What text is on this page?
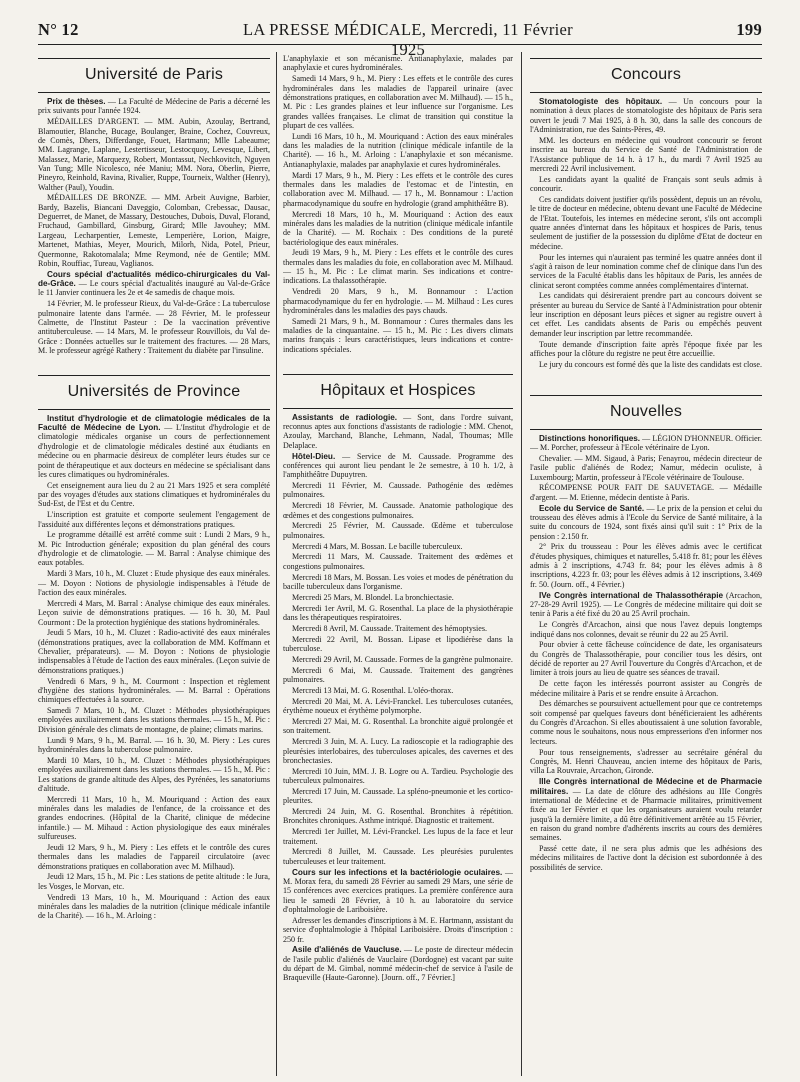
N° 12	LA PRESSE MÉDICALE, Mercredi, 11 Février 1925
199
Université de Paris

Prix de thèses. — La Faculté de Médecine de Paris a décerné les prix suivants pour l'année 1924.

MÉDAILLES D'ARGENT. — MM. Aubin, Azoulay, Bertrand, Blamoutier, Blanche, Bucage, Boulanger, Braine, Cochez, Couvreux, de Comès, Dhers, Differdange, Fouet, Hartmann; Mlle Labeaume; MM. Lagrange, Laplane, Lestertisseur, Lestocquoy, Levesque, Libert, Malassez, Marie, Marquezy, Robert, Montassut, Nechkovitch, Nguyen Van Tung; Mlle Nicolesco, née Maniu; MM. Nora, Oberlin, Pierre, Pineyro, Reinhold, Ravina, Rivalier, Ruppe, Tourneix, Walther (Henry), Walther (Paul), Youdin.

MÉDAILLES DE BRONZE. — MM. Arbeit Auvigne, Barbier, Bardy, Bazelis, Biancani Daveggio, Colomban, Crebessac, Dausac, Deguerret, de Manet, de Massary, Destouches, Dubois, Duval, Florand, Fruchaud, Gambillard, Ginsburg, Girard; Mlle Javouhey; MM. Largeau, Lecharpentier, Lemeste, Lemperière, Lorion, Maigre, Martenet, Mathias, Meyer, Mourich, Milorh, Nida, Potel, Prieur, Quermonne, Rakotomalala; Mme Reymond, née de Gentile; MM. Robin, Rouffiac, Tureau, Vaglianos.

Cours spécial d'actualités médico-chirurgicales du Val-de-Grâce. — Le cours spécial d'actualités inauguré au Val-de-Grâce le 11 Janvier continuera les 2e et 4e samedis de chaque mois.

14 Février, M. le professeur Rieux, du Val-de-Grâce : La tuberculose pulmonaire latente dans l'armée. — 28 Février, M. le professeur Calmette, de l'Institut Pasteur : De la vaccination préventive antituberculeuse. — 14 Mars, M. le professeur Rouvillois, du Val de-Grâce : Données actuelles sur le traitement des fractures. — 28 Mars, M. le professeur agrégé Rathery : Traitement du diabète par l'insuline.

Universités de Province

Institut d'hydrologie et de climatologie médicales de la Faculté de Médecine de Lyon. — L'Institut d'hydrologie et de climatologie médicales organise un cours de perfectionnement d'hydrologie et de climatologie médicales destiné aux étudiants en médecine ou en pharmacie désireux de compléter leurs études sur ce point de thérapeutique et aux docteurs en médecine se spécialisant dans les cures climatiques ou hydrominérales.

Cet enseignement aura lieu du 2 au 21 Mars 1925 et sera complété par des voyages d'études aux stations climatiques et hydrominérales du Sud-Est, de l'Est et du Centre.

L'inscription est gratuite et comporte seulement l'engagement de l'assiduité aux différentes leçons et démonstrations pratiques.

Le programme détaillé est arrêté comme suit : Lundi 2 Mars, 9 h., M. Pic Introduction générale; exposition du plan général des cours d'hydrologie et de climatologie. — M. Barral : Analyse chimique des eaux potables.

Mardi 3 Mars, 10 h., M. Cluzet : Etude physique des eaux minérales. — M. Doyon : Notions de physiologie indispensables à l'étude de l'action des eaux minérales.

Mercredi 4 Mars, M. Barral : Analyse chimique des eaux minérales. Leçon suivie de démonstrations pratiques. — 16 h. 30, M. Paul Courmont : De la protection hygiénique des stations hydrominérales.

Jeudi 5 Mars, 10 h., M. Cluzet : Radio-activité des eaux minérales (démonstrations pratiques, avec la collaboration de MM. Koffmann et Chevalier, préparateurs). — M. Doyon : Notions de physiologie indispensables à l'étude de l'action des eaux minérales. (Leçon suivie de démonstrations pratiques.)

Vendredi 6 Mars, 9 h., M. Courmont : Inspection et règlement d'hygiène des stations hydrominérales. — M. Barral : Opérations chimiques effectuées à la source.

Samedi 7 Mars, 10 h., M. Cluzet : Méthodes physiothérapiques employées auxiliairement dans les stations thermales. — 15 h., M. Pic : Division générale des climats de montagne, de plaine; climats marins.

Lundi 9 Mars, 9 h., M. Barral. — 16 h. 30, M. Piery : Les cures hydrominérales dans la tuberculose pulmonaire.

Mardi 10 Mars, 10 h., M. Cluzet : Méthodes physiothérapiques employées auxiliairement dans les stations thermales. — 15 h., M. Pic : Les stations de grande altitude des Alpes, des Pyrénées, les sanatoriums d'altitude.

Mercredi 11 Mars, 10 h., M. Mouriquand : Action des eaux minérales dans les maladies de l'enfance, de la croissance et des grandes endocrines. (Hôpital de la Charité, clinique de médecine infantile.) — M. Mihaud : Action physiologique des eaux minérales sulfureuses.

Jeudi 12 Mars, 9 h., M. Piery : Les effets et le contrôle des cures thermales dans les maladies de l'appareil circulatoire (avec démonstrations pratiques en collaboration avec M. Milhaud).

Jeudi 12 Mars, 15 h., M. Pic : Les stations de petite altitude : le Jura, les Vosges, le Morvan, etc.

Vendredi 13 Mars, 10 h., M. Mouriquand : Action des eaux minérales dans les maladies de la nutrition (clinique médicale infantile de la Charité). — 16 h., M. Arloing :

L'anaphylaxie et son mécanisme. Antianaphylaxie, malades par anaphylaxie et cures hydrominérales.

Samedi 14 Mars, 9 h., M. Piery : Les effets et le contrôle des cures hydrominérales dans les maladies de l'appareil urinaire (avec démonstrations pratiques, en collaboration avec M. Milhaud). — 15 h., M. Pic : Les grandes plaines et leur influence sur l'organisme. Les grandes vallées françaises. Le climat de transition qui constitue la plupart de ces vallées.

Lundi 16 Mars, 10 h., M. Mouriquand : Action des eaux minérales dans les maladies de la nutrition (clinique médicale infantile de la Charité). — 16 h., M. Arloing : L'anaphylaxie et son mécanisme. Antianaphylaxie, malades par anaphylaxie et cures hydrominérales.

Mardi 17 Mars, 9 h., M. Piery : Les effets et le contrôle des cures thermales dans les maladies de l'estomac et de l'intestin, en collaboration avec M. Milhaud. — 17 h., M. Bonnamour : L'action pharmacodynamique du soufre en hydrologie (grand amphithéâtre B).

Mercredi 18 Mars, 10 h., M. Mouriquand : Action des eaux minérales dans les maladies de la nutrition (clinique médicale infantile de la Charité). — M. Rochaix : Des conditions de la pureté bactériologique des eaux minérales.

Jeudi 19 Mars, 9 h., M. Piery : Les effets et le contrôle des cures thermales dans les maladies du foie, en collaboration avec M. Milhaud. — 15 h., M. Pic : Le climat marin. Ses indications et contre-indications. La thalassothérapie.

Vendredi 20 Mars, 9 h., M. Bonnamour : L'action pharmacodynamique du fer en hydrologie. — M. Milhaud : Les cures hydrominérales dans les maladies des pays chauds.

Samedi 21 Mars, 9 h., M. Bonnamour : Cures thermales dans les maladies de la cinquantaine. — 15 h., M. Pic : Les divers climats marins français : leurs caractéristiques, leurs indications et contre-indications spéciales.

Hôpitaux et Hospices

Assistants de radiologie. — Sont, dans l'ordre suivant, reconnus aptes aux fonctions d'assistants de radiologie : MM. Chenot, Azoulay, Marchand, Blanche, Lehmann, Nadal, Thoumas; Mlle Delaplace.

Hôtel-Dieu. — Service de M. Caussade. Programme des conférences qui auront lieu pendant le 2e semestre, à 10 h. 1/2, à l'amphithéâtre Dupuytren.

Mercredi 11 Février, M. Caussade. Pathogénie des œdèmes pulmonaires.

Mercredi 18 Février, M. Caussade. Anatomie pathologique des œdèmes et des congestions pulmonaires.

Mercredi 25 Février, M. Caussade. Œdème et tuberculose pulmonaires.

Mercredi 4 Mars, M. Bossan. Le bacille tuberculeux.

Mercredi 11 Mars, M. Caussade. Traitement des œdèmes et congestions pulmonaires.

Mercredi 18 Mars, M. Bossan. Les voies et modes de pénétration du bacille tuberculeux dans l'organisme.

Mercredi 25 Mars, M. Blondel. La bronchiectasie.

Mercredi 1er Avril, M. G. Rosenthal. La place de la physiothérapie dans les thérapeutiques respiratoires.

Mercredi 8 Avril, M. Caussade. Traitement des hémoptysies.

Mercredi 22 Avril, M. Bossan. Lipase et lipodiérèse dans la tuberculose.

Mercredi 29 Avril, M. Caussade. Formes de la gangrène pulmonaire.

Mercredi 6 Mai, M. Caussade. Traitement des gangrènes pulmonaires.

Mercredi 13 Mai, M. G. Rosenthal. L'oléo-thorax.

Mercredi 20 Mai, M. A. Lévi-Franckel. Les tuberculoses cutanées, érythème noueux et érythème polymorphe.

Mercredi 27 Mai, M. G. Rosenthal. La bronchite aiguë prolongée et son traitement.

Mercredi 3 Juin, M. A. Lucy. La radioscopie et la radiographie des pleurésies interlobaires, des tuberculoses apicales, des cavernes et des bronchectasies.

Mercredi 10 Juin, MM. J. B. Logre ou A. Tardieu. Psychologie des tuberculeux pulmonaires.

Mercredi 17 Juin, M. Caussade. La spléno-pneumonie et les cortico-pleurites.

Mercredi 24 Juin, M. G. Rosenthal. Bronchites à répétition. Bronchites chroniques. Asthme intriqué. Diagnostic et traitement.

Mercredi 1er Juillet, M. Lévi-Franckel. Les lupus de la face et leur traitement.

Mercredi 8 Juillet, M. Caussade. Les pleurésies purulentes tuberculeuses et leur traitement.

Cours sur les infections et la bactériologie oculaires. — M. Morax fera, du samedi 28 Février au samedi 29 Mars, une série de 15 conférences avec exercices pratiques. La première conférence aura lieu le samedi 28 Février, à 10 h. au laboratoire du service d'ophtalmologie de Lariboisière.

Adresser les demandes d'inscriptions à M. E. Hartmann, assistant du service d'ophtalmologie à l'hôpital Lariboisière. Droits d'inscription : 250 fr.

Asile d'aliénés de Vaucluse. — Le poste de directeur médecin de l'asile public d'aliénés de Vauclaire (Dordogne) est vacant par suite du départ de M. Gimbal, nommé médecin-chef de service à l'asile de Braqueville (Haute-Garonne). [Journ. off., 7 Février.]

Concours

Stomatologiste des hôpitaux. — Un concours pour la nomination à deux places de stomatologiste des hôpitaux de Paris sera ouvert le jeudi 7 Mai 1925, à 8 h. 30, dans la salle des concours de l'Administration, rue des Saints-Pères, 49.

MM. les docteurs en médecine qui voudront concourir se feront inscrire au bureau du Service de Santé de l'Administration de l'Assistance publique de 14 h. à 17 h., du mardi 7 Avril 1925 au mercredi 22 Avril inclusivement.

Les candidats ayant la qualité de Français sont seuls admis à concourir.

Ces candidats doivent justifier qu'ils possèdent, depuis un an révolu, le titre de docteur en médecine, obtenu devant une Faculté de Médecine de l'Etat. Toutefois, les internes en médecine seront, s'ils ont accompli quatre années d'internat dans les hôpitaux et hospices de Paris, tenus seulement de justifier de la possession du diplôme d'Etat de docteur en médecine.

Pour les internes qui n'auraient pas terminé les quatre années dont il s'agit à raison de leur nomination comme chef de clinique dans l'un des services de la Faculté établis dans les hôpitaux de Paris, les années de clinicat seront comptées comme années complémentaires d'internat.

Les candidats qui désireraient prendre part au concours doivent se présenter au bureau du Service de Santé à l'Administration pour obtenir leur inscription en déposant leurs pièces et signer au registre ouvert à cet effet. Les candidats absents de Paris ou empêchés peuvent demander leur inscription par lettre recommandée.

Toute demande d'inscription faite après l'époque fixée par les affiches pour la clôture du registre ne peut être accueillie.

Le jury du concours est formé dès que la liste des candidats est close.

Nouvelles

Distinctions honorifiques. — LÉGION D'HONNEUR. Officier. — M. Porcher, professeur à l'Ecole vétérinaire de Lyon.

Chevalier. — MM. Sigaud, à Paris; Fenayrou, médecin directeur de l'asile public d'aliénés de Rodez; Namur, médecin oculiste, à Luxembourg; Martin, professeur à l'Ecole vétérinaire de Toulouse.

RÉCOMPENSE POUR FAIT DE SAUVETAGE. — Médaille d'argent. — M. Etienne, médecin dentiste à Paris.

Ecole du Service de Santé. — Le prix de la pension et celui du trousseau des élèves admis à l'Ecole du Service de Santé militaire, à la suite du concours de 1924, sont fixés ainsi qu'il suit : 1° Prix de la pension : 2.150 fr.

2° Prix du trousseau : Pour les élèves admis avec le certificat d'études physiques, chimiques et naturelles, 5.418 fr. 81; pour les élèves admis à 2 inscriptions, 4.743 fr. 84; pour les élèves admis à 8 inscriptions, 4.223 fr. 03; pour les élèves admis à 12 inscriptions, 3.469 fr. 50. (Journ. off., 4 Février.)

IVe Congrès international de Thalassothérapie (Arcachon, 27-28-29 Avril 1925). — Le Congrès de médecine militaire qui doit se tenir à Paris a été fixé du 20 au 25 Avril prochain.

Le Congrès d'Arcachon, ainsi que nous l'avez depuis longtemps indiqué dans nos colonnes, devait se réunir du 22 au 25 Avril.

Pour obvier à cette fâcheuse coïncidence de date, les organisateurs du Congrès de Thalassothérapie, pour concilier tous les désirs, ont décidé de reporter au 27 Avril l'ouverture du Congrès d'Arcachon, et de limiter à trois jours au lieu de quatre ses séances de travail.

De cette façon les intéressés pourront assister au Congrès de médecine militaire à Paris et se rendre ensuite à Arcachon.

Des démarches se poursuivent actuellement pour que ce contretemps soit compensé par quelques faveurs dont bénéficieraient les adhérents du Congrès d'Arcachon. Si elles aboutissaient à une solution favorable, comme nous le souhaitons, nous nous empresserions d'en informer nos lecteurs.

Pour tous renseignements, s'adresser au secrétaire général du Congrès, M. Henri Chauveau, ancien interne des hôpitaux de Paris, villa La Rouvraie, Arcachon, Gironde.

IIIe Congrès international de Médecine et de Pharmacie militaires. — La date de clôture des adhésions au IIIe Congrès international de Médecine et de Pharmacie militaires, primitivement fixée au 1er Février et que les organisateurs auraient voulu retarder jusqu'à la dernière limite, a dû être définitivement arrêtée au 15 Février, en raison du grand nombre d'adhérents inscrits au cours des dernières semaines.

Passé cette date, il ne sera plus admis que les adhésions des médecins militaires de l'active dont la décision est subordonnée à des possibilités de service.
